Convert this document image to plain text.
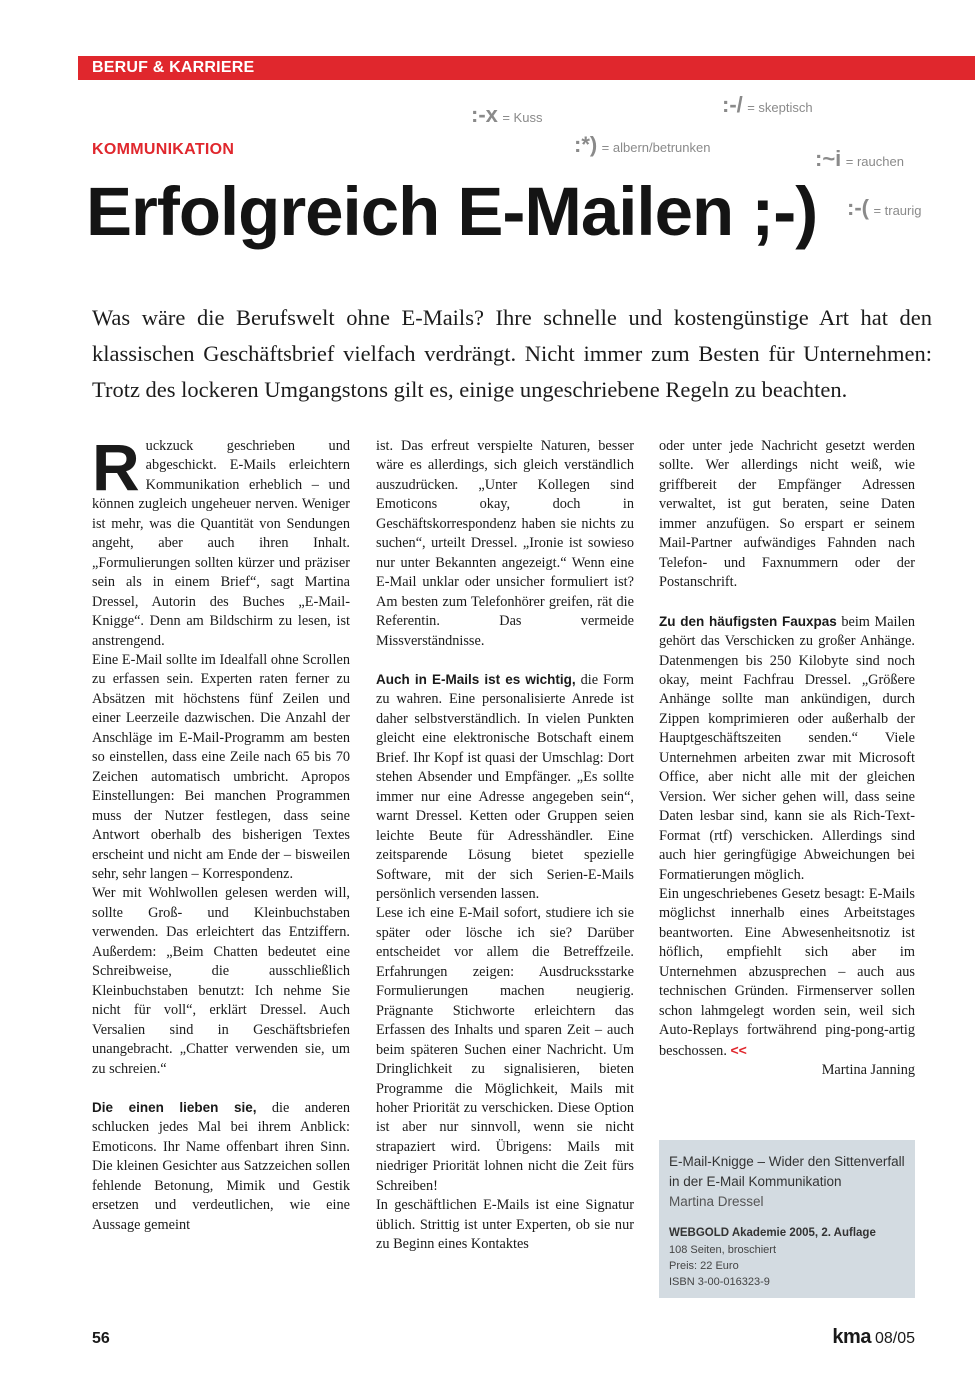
BERUF & KARRIERE
:-x = Kuss
:-/ = skeptisch
:*) = albern/betrunken	:~i = rauchen
:-( = traurig
KOMMUNIKATION
Erfolgreich E-Mailen ;-)

Was wäre die Berufswelt ohne E-Mails? Ihre schnelle und kostengünstige Art hat den klassischen Geschäftsbrief vielfach verdrängt. Nicht immer zum Besten für Unternehmen: Trotz des lockeren Umgangstons gilt es, einige ungeschriebene Regeln zu beachten.

Ruckzuck geschrieben und abgeschickt. E-Mails erleichtern Kommunikation erheblich – und können zugleich ungeheuer nerven. Weniger ist mehr, was die Quantität von Sendungen angeht, aber auch ihren Inhalt. „Formulierungen sollten kürzer und präziser sein als in einem Brief“, sagt Martina Dressel, Autorin des Buches „E-Mail-Knigge“. Denn am Bildschirm zu lesen, ist anstrengend.

Eine E-Mail sollte im Idealfall ohne Scrollen zu erfassen sein. Experten raten ferner zu Absätzen mit höchstens fünf Zeilen und einer Leerzeile dazwischen. Die Anzahl der Anschläge im E-Mail-Programm am besten so einstellen, dass eine Zeile nach 65 bis 70 Zeichen automatisch umbricht. Apropos Einstellungen: Bei manchen Programmen muss der Nutzer festlegen, dass seine Antwort oberhalb des bisherigen Textes erscheint und nicht am Ende der – bisweilen sehr, sehr langen – Korrespondenz.

Wer mit Wohlwollen gelesen werden will, sollte Groß- und Kleinbuchstaben verwenden. Das erleichtert das Entziffern. Außerdem: „Beim Chatten bedeutet eine Schreibweise, die ausschließlich Kleinbuchstaben benutzt: Ich nehme Sie nicht für voll“, erklärt Dressel. Auch Versalien sind in Geschäftsbriefen unangebracht. „Chatter verwenden sie, um zu schreien.“

Die einen lieben sie, die anderen schlucken jedes Mal bei ihrem Anblick: Emoticons. Ihr Name offenbart ihren Sinn. Die kleinen Gesichter aus Satzzeichen sollen fehlende Betonung, Mimik und Gestik ersetzen und verdeutlichen, wie eine Aussage gemeint

ist. Das erfreut verspielte Naturen, besser wäre es allerdings, sich gleich verständlich auszudrücken. „Unter Kollegen sind Emoticons okay, doch in Geschäftskorrespondenz haben sie nichts zu suchen“, urteilt Dressel. „Ironie ist sowieso nur unter Bekannten angezeigt.“ Wenn eine E-Mail unklar oder unsicher formuliert ist? Am besten zum Telefonhörer greifen, rät die Referentin. Das vermeide Missverständnisse.

Auch in E-Mails ist es wichtig, die Form zu wahren. Eine personalisierte Anrede ist daher selbstverständlich. In vielen Punkten gleicht eine elektronische Botschaft einem Brief. Ihr Kopf ist quasi der Umschlag: Dort stehen Absender und Empfänger. „Es sollte immer nur eine Adresse angegeben sein“, warnt Dressel. Ketten oder Gruppen seien leichte Beute für Adresshändler. Eine zeitsparende Lösung bietet spezielle Software, mit der sich Serien-E-Mails persönlich versenden lassen.

Lese ich eine E-Mail sofort, studiere ich sie später oder lösche ich sie? Darüber entscheidet vor allem die Betreffzeile. Erfahrungen zeigen: Ausdrucksstarke Formulierungen machen neugierig. Prägnante Stichworte erleichtern das Erfassen des Inhalts und sparen Zeit – auch beim späteren Suchen einer Nachricht. Um Dringlichkeit zu signalisieren, bieten Programme die Möglichkeit, Mails mit hoher Priorität zu verschicken. Diese Option ist aber nur sinnvoll, wenn sie nicht strapaziert wird. Übrigens: Mails mit niedriger Priorität lohnen nicht die Zeit fürs Schreiben!

In geschäftlichen E-Mails ist eine Signatur üblich. Strittig ist unter Experten, ob sie nur zu Beginn eines Kontaktes

oder unter jede Nachricht gesetzt werden sollte. Wer allerdings nicht weiß, wie griffbereit der Empfänger Adressen verwaltet, ist gut beraten, seine Daten immer anzufügen. So erspart er seinem Mail-Partner aufwändiges Fahnden nach Telefon- und Faxnummern oder der Postanschrift.

Zu den häufigsten Fauxpas beim Mailen gehört das Verschicken zu großer Anhänge. Datenmengen bis 250 Kilobyte sind noch okay, meint Fachfrau Dressel. „Größere Anhänge sollte man ankündigen, durch Zippen komprimieren oder außerhalb der Hauptgeschäftszeiten senden.“ Viele Unternehmen arbeiten zwar mit Microsoft Office, aber nicht alle mit der gleichen Version. Wer sicher gehen will, dass seine Daten lesbar sind, kann sie als Rich-Text-Format (rtf) verschicken. Allerdings sind auch hier geringfügige Abweichungen bei Formatierungen möglich.

Ein ungeschriebenes Gesetz besagt: E-Mails möglichst innerhalb eines Arbeitstages beantworten. Eine Abwesenheitsnotiz ist höflich, empfiehlt sich aber im Unternehmen abzusprechen – auch aus technischen Gründen. Firmenserver sollen schon lahmgelegt worden sein, weil sich Auto-Replays fortwährend ping-pong-artig beschossen. <<

Martina Janning

E-Mail-Knigge – Wider den Sittenverfall in der E-Mail Kommunikation
Martina Dressel
WEBGOLD Akademie 2005, 2. Auflage
108 Seiten, broschiert
Preis: 22 Euro
ISBN 3-00-016323-9
56	kma 08/05
